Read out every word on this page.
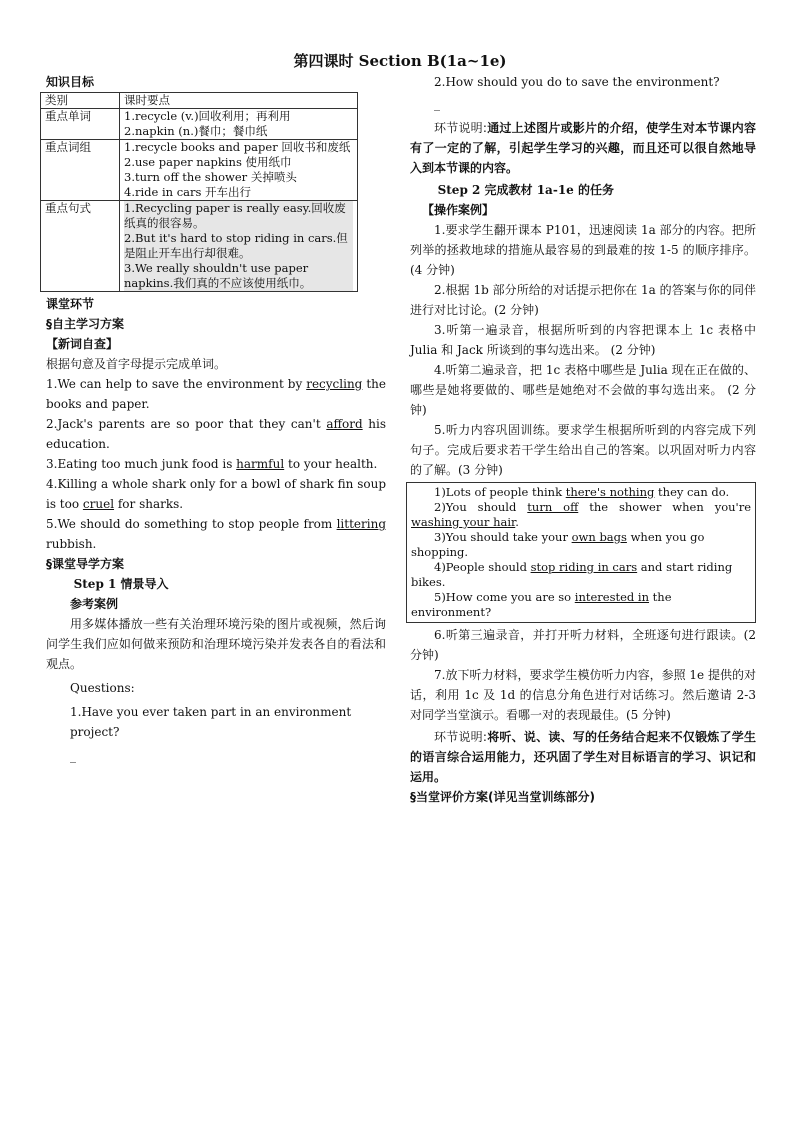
第四课时 Section B(1a~1e)
知识目标
类别	课时要点
重点单词	1.recycle (v.)回收利用；再利用
2.napkin (n.)餐巾；餐巾纸

重点词组	1.recycle books and paper 回收书和废纸
2.use paper napkins 使用纸巾
3.turn off the shower 关掉喷头
4.ride in cars 开车出行

重点句式	1.Recycling paper is really easy.回收废纸真的很容易。
2.But it's hard to stop riding in cars.但是阻止开车出行却很难。
3.We really shouldn't use paper napkins.我们真的不应该使用纸巾。
课堂环节
§自主学习方案
【新词自查】
根据句意及首字母提示完成单词。
1.We can help to save the environment by recycling the books and paper.
2.Jack's parents are so poor that they can't afford his education.
3.Eating too much junk food is harmful to your health.
4.Killing a whole shark only for a bowl of shark fin soup is too cruel for sharks.
5.We should do something to stop people from littering rubbish.
§课堂导学方案
Step 1 情景导入
参考案例
用多媒体播放一些有关治理环境污染的图片或视频，然后询问学生我们应如何做来预防和治理环境污染并发表各自的看法和观点。
Questions:
1.Have you ever taken part in an environment project?
_
2.How should you do to save the environment?
_
环节说明:通过上述图片或影片的介绍，使学生对本节课内容有了一定的了解，引起学生学习的兴趣，而且还可以很自然地导入到本节课的内容。
Step 2 完成教材 1a-1e 的任务
【操作案例】
1.要求学生翻开课本 P101，迅速阅读 1a 部分的内容。把所列举的拯救地球的措施从最容易的到最难的按 1-5 的顺序排序。(4 分钟)
2.根据 1b 部分所给的对话提示把你在 1a 的答案与你的同伴进行对比讨论。(2 分钟)
3.听第一遍录音，根据所听到的内容把课本上 1c 表格中 Julia 和 Jack 所谈到的事勾选出来。 (2 分钟)
4.听第二遍录音，把 1c 表格中哪些是 Julia 现在正在做的、哪些是她将要做的、哪些是她绝对不会做的事勾选出来。 (2 分钟)
5.听力内容巩固训练。要求学生根据所听到的内容完成下列句子。完成后要求若干学生给出自己的答案。以巩固对听力内容的了解。(3 分钟)
1)Lots of people think there's nothing they can do.
2)You should turn off the shower when you're washing your hair.
3)You should take your own bags when you go shopping.
4)People should stop riding in cars and start riding bikes.
5)How come you are so interested in the environment?
6.听第三遍录音，并打开听力材料，全班逐句进行跟读。(2 分钟)
7.放下听力材料，要求学生模仿听力内容，参照 1e 提供的对话，利用 1c 及 1d 的信息分角色进行对话练习。然后邀请 2-3 对同学当堂演示。看哪一对的表现最佳。(5 分钟)
环节说明:将听、说、读、写的任务结合起来不仅锻炼了学生的语言综合运用能力，还巩固了学生对目标语言的学习、识记和运用。
§当堂评价方案(详见当堂训练部分)
